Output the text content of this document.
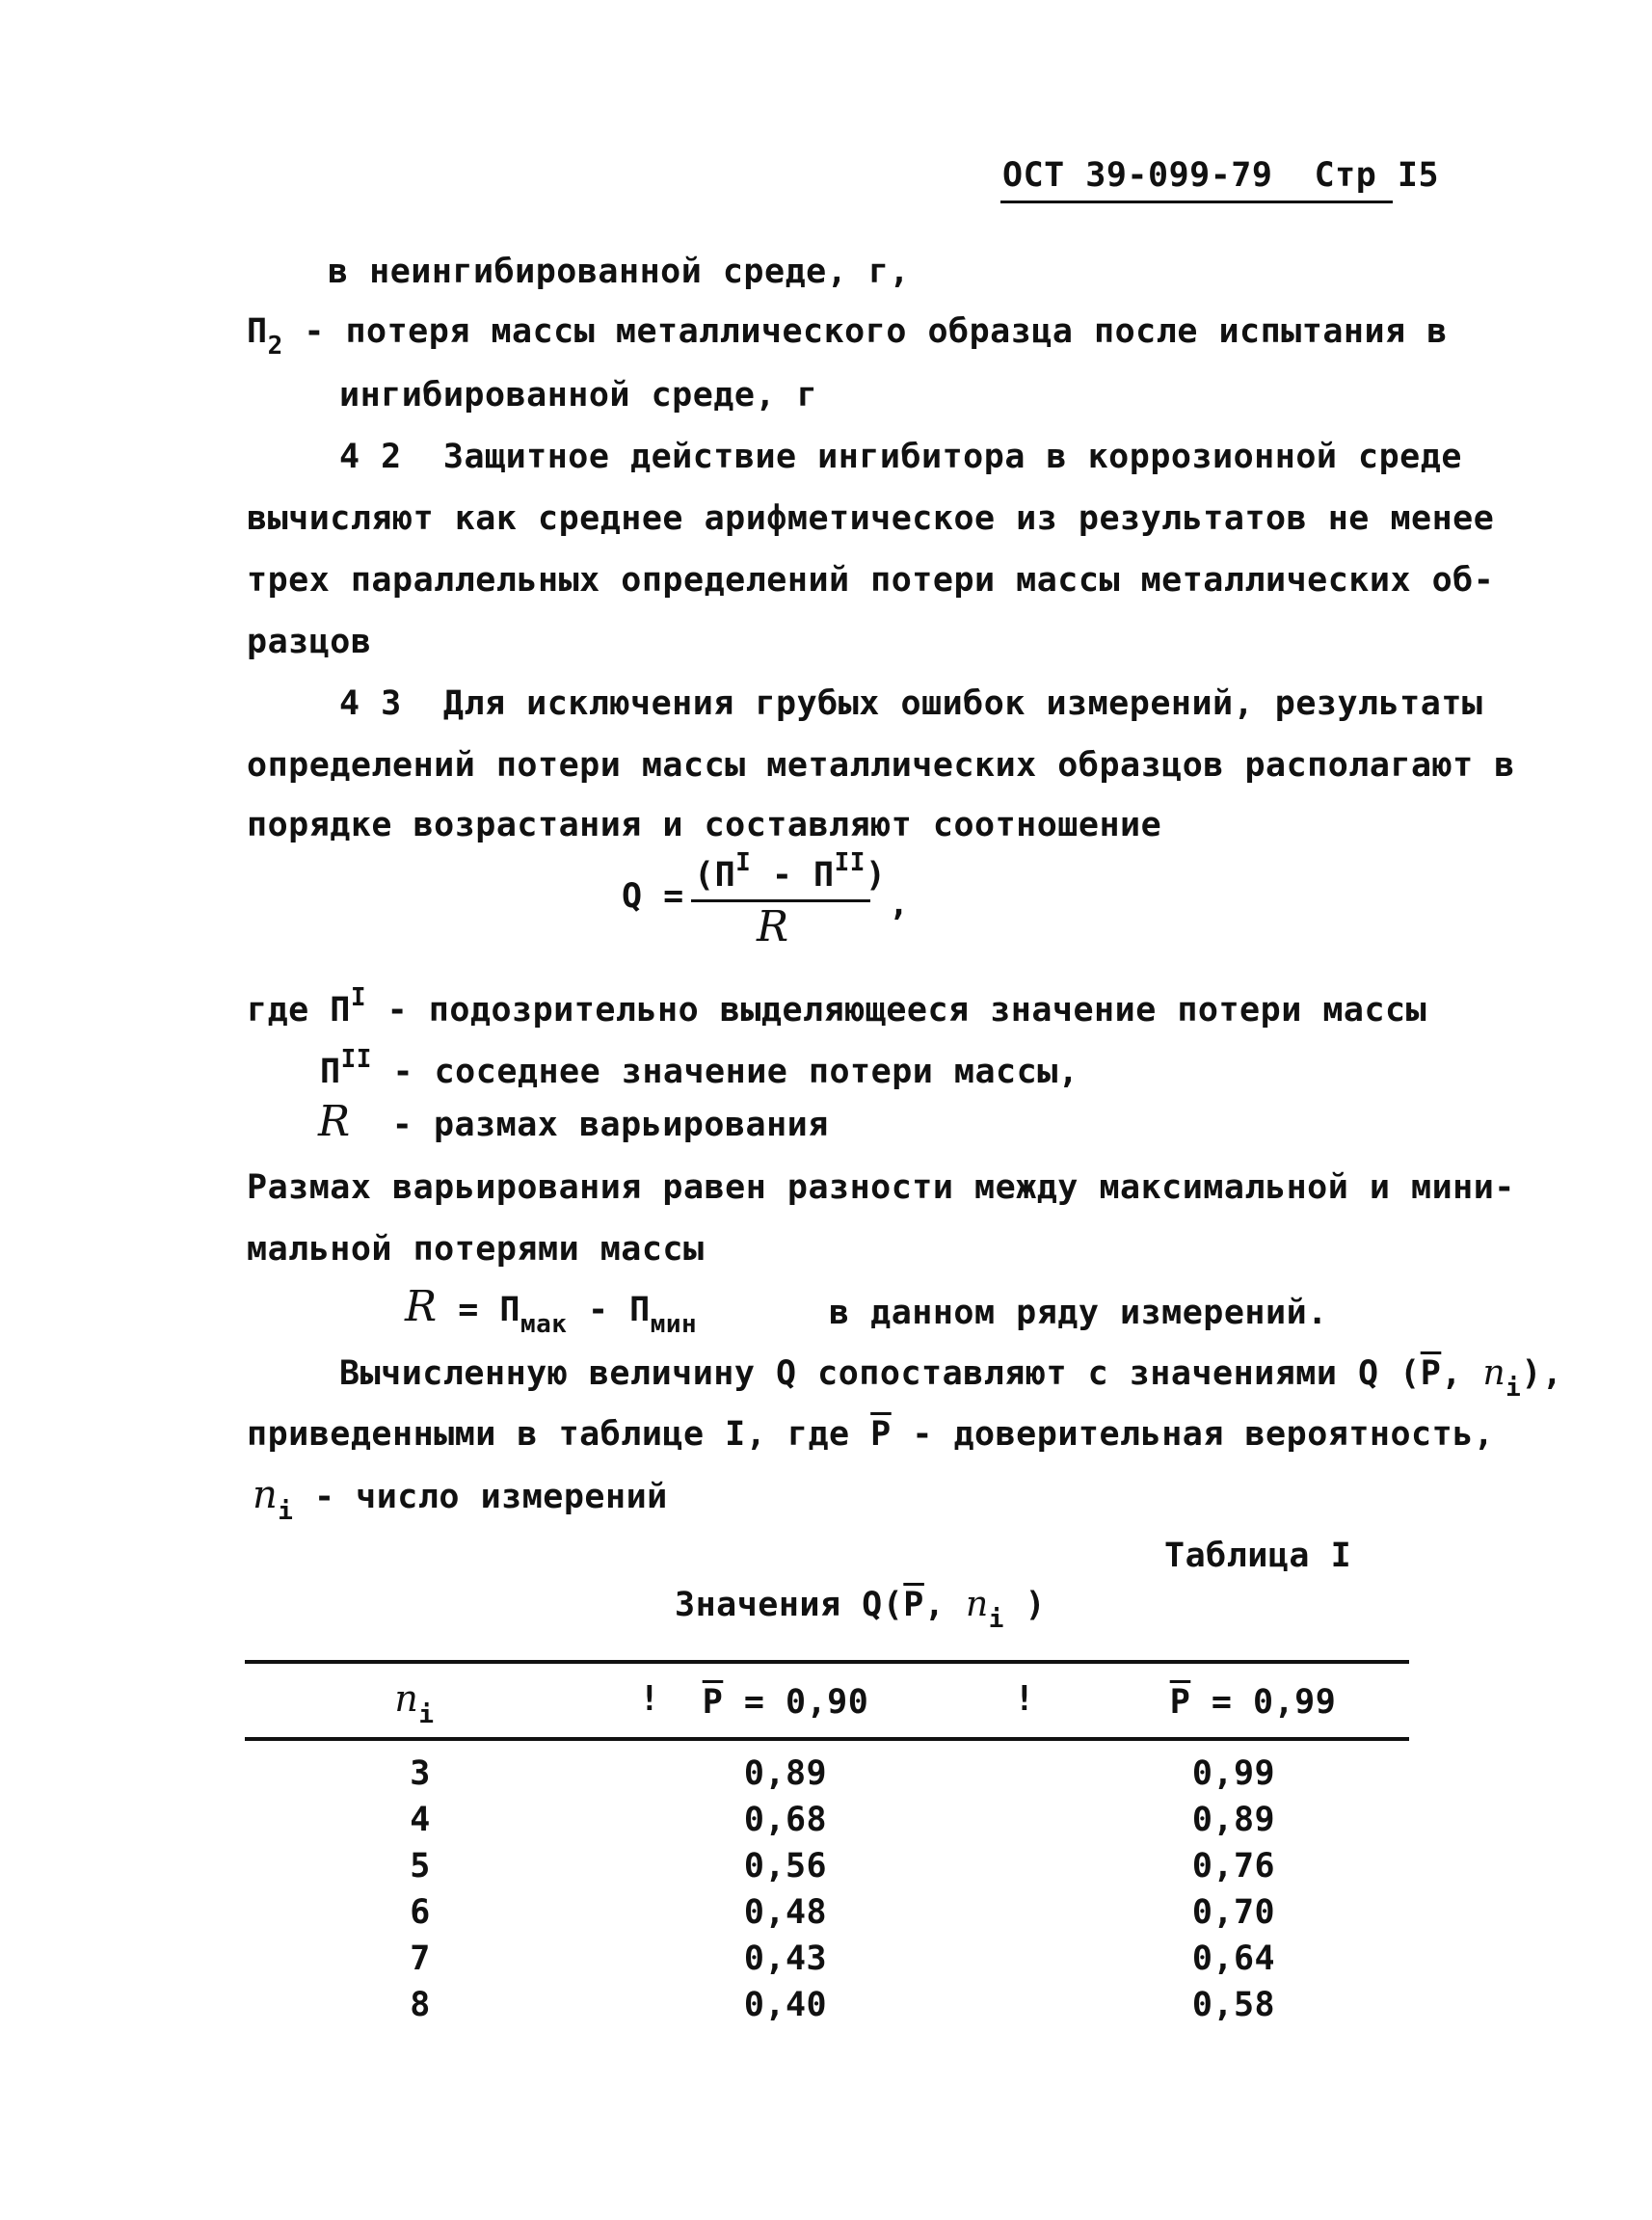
ОСТ 39-099-79 Стр I5
в неингибированной среде, г,
$П_2$ - потеря массы металлического образца после испытания в
ингибированной среде, г
4 2 Защитное действие ингибитора в коррозионной среде
вычисляют как среднее арифметическое из результатов не менее
трех параллельных определений потери массы металлических об-
разцов
4 3 Для исключения грубых ошибок измерений, результаты
определений потери массы металлических образцов располагают в
порядке возрастания и составляют соотношение
Q =
$(П^I - П^{II})$
R	,
где $П^I$ - подозрительно выделяющееся значение потери массы
$П^{II}$ - соседнее значение потери массы,
R - размах варьирования
Размах варьирования равен разности между максимальной и мини-
мальной потерями массы
$R = П_{мак} - П_{мин}$	в данном ряду измерений.
Вычисленную величину Q сопоставляют с значениями Q ($\overline{P}$, $n_i$),
приведенными в таблице I, где $\overline{P}$ - доверительная вероятность,
$n_i$ - число измерений
Таблица I
Значения $Q(\overline{P}$, $n_i$ )
$n_i$	!	$\overline{P} = 0,90$	!	$\overline{P} = 0,99$
3	0,89	0,99
4	0,68	0,89
5	0,56	0,76
6	0,48	0,70
7	0,43	0,64
8	0,40	0,58
